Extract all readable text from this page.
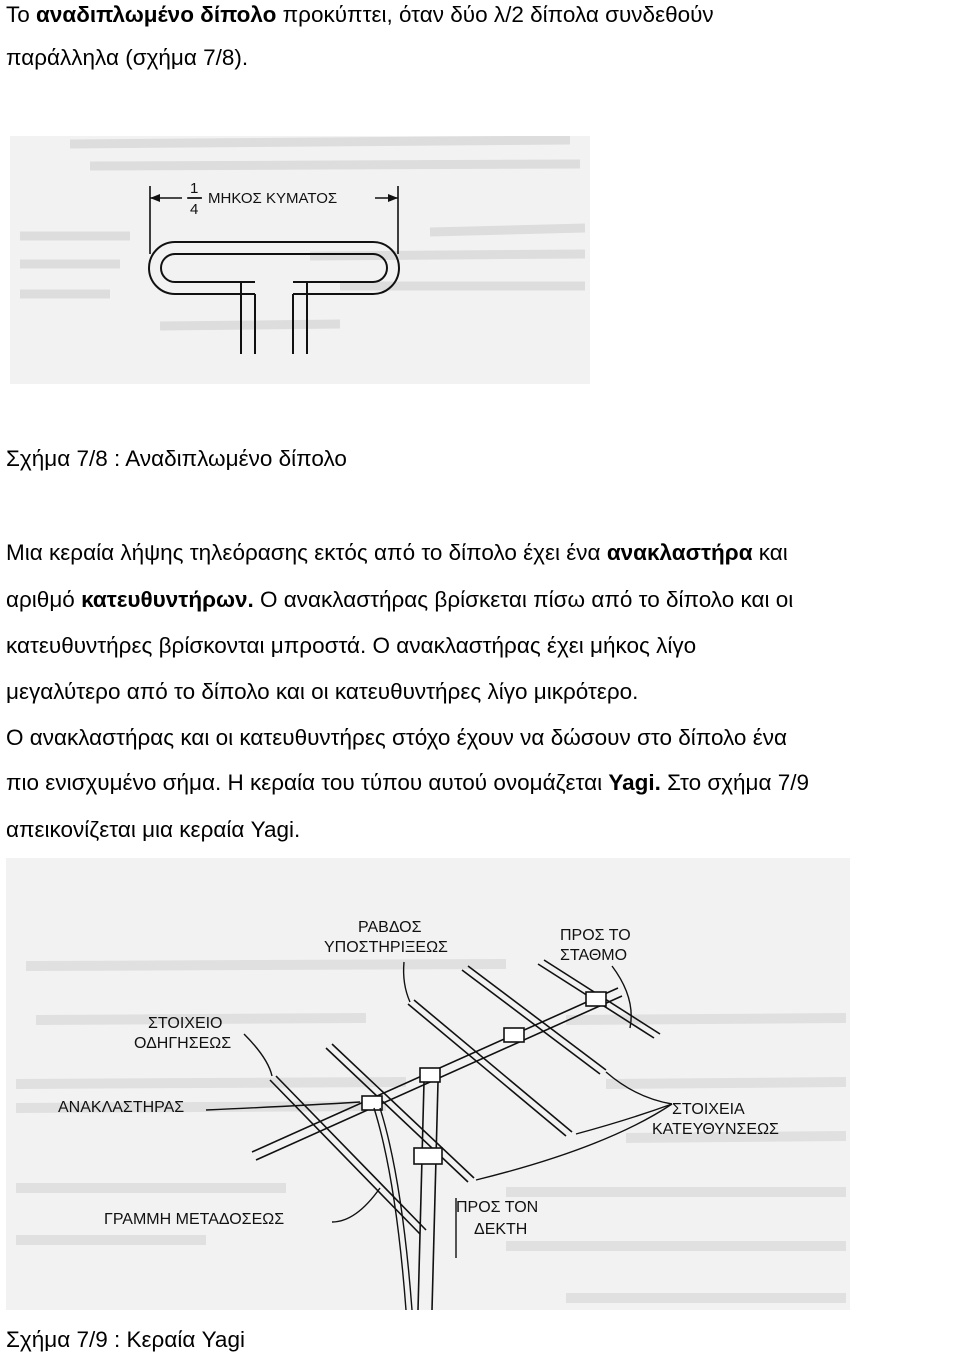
Το αναδιπλωμένο δίπολο προκύπτει, όταν δύο λ/2 δίπολα συνδεθούν
παράλληλα (σχήμα 7/8).
1
4
ΜΗΚΟΣ ΚΥΜΑΤΟΣ
Σχήμα 7/8 : Αναδιπλωμένο δίπολο
Μια κεραία λήψης τηλεόρασης εκτός από το δίπολο έχει ένα ανακλαστήρα και
αριθμό κατευθυντήρων. Ο ανακλαστήρας βρίσκεται πίσω από το δίπολο και οι
κατευθυντήρες βρίσκονται μπροστά. Ο ανακλαστήρας έχει μήκος λίγο
μεγαλύτερο από το δίπολο και οι κατευθυντήρες λίγο μικρότερο.
Ο ανακλαστήρας και οι κατευθυντήρες στόχο έχουν να δώσουν στο δίπολο ένα
πιο ενισχυμένο σήμα. Η κεραία του τύπου αυτού ονομάζεται Yagi. Στο σχήμα 7/9
απεικονίζεται μια κεραία Yagi.
ΡΑΒΔΟΣ
ΥΠΟΣΤΗΡΙΞΕΩΣ
ΠΡΟΣ ΤΟ
ΣΤΑΘΜΟ
ΣΤΟΙΧΕΙΟ
ΟΔΗΓΗΣΕΩΣ
ΑΝΑΚΛΑΣΤΗΡΑΣ	ΣΤΟΙΧΕΙΑ
ΚΑΤΕΥΘΥΝΣΕΩΣ
ΓΡΑΜΜΗ ΜΕΤΑΔΟΣΕΩΣ
ΠΡΟΣ ΤΟΝ
ΔΕΚΤΗ
Σχήμα 7/9 : Κεραία Yagi
